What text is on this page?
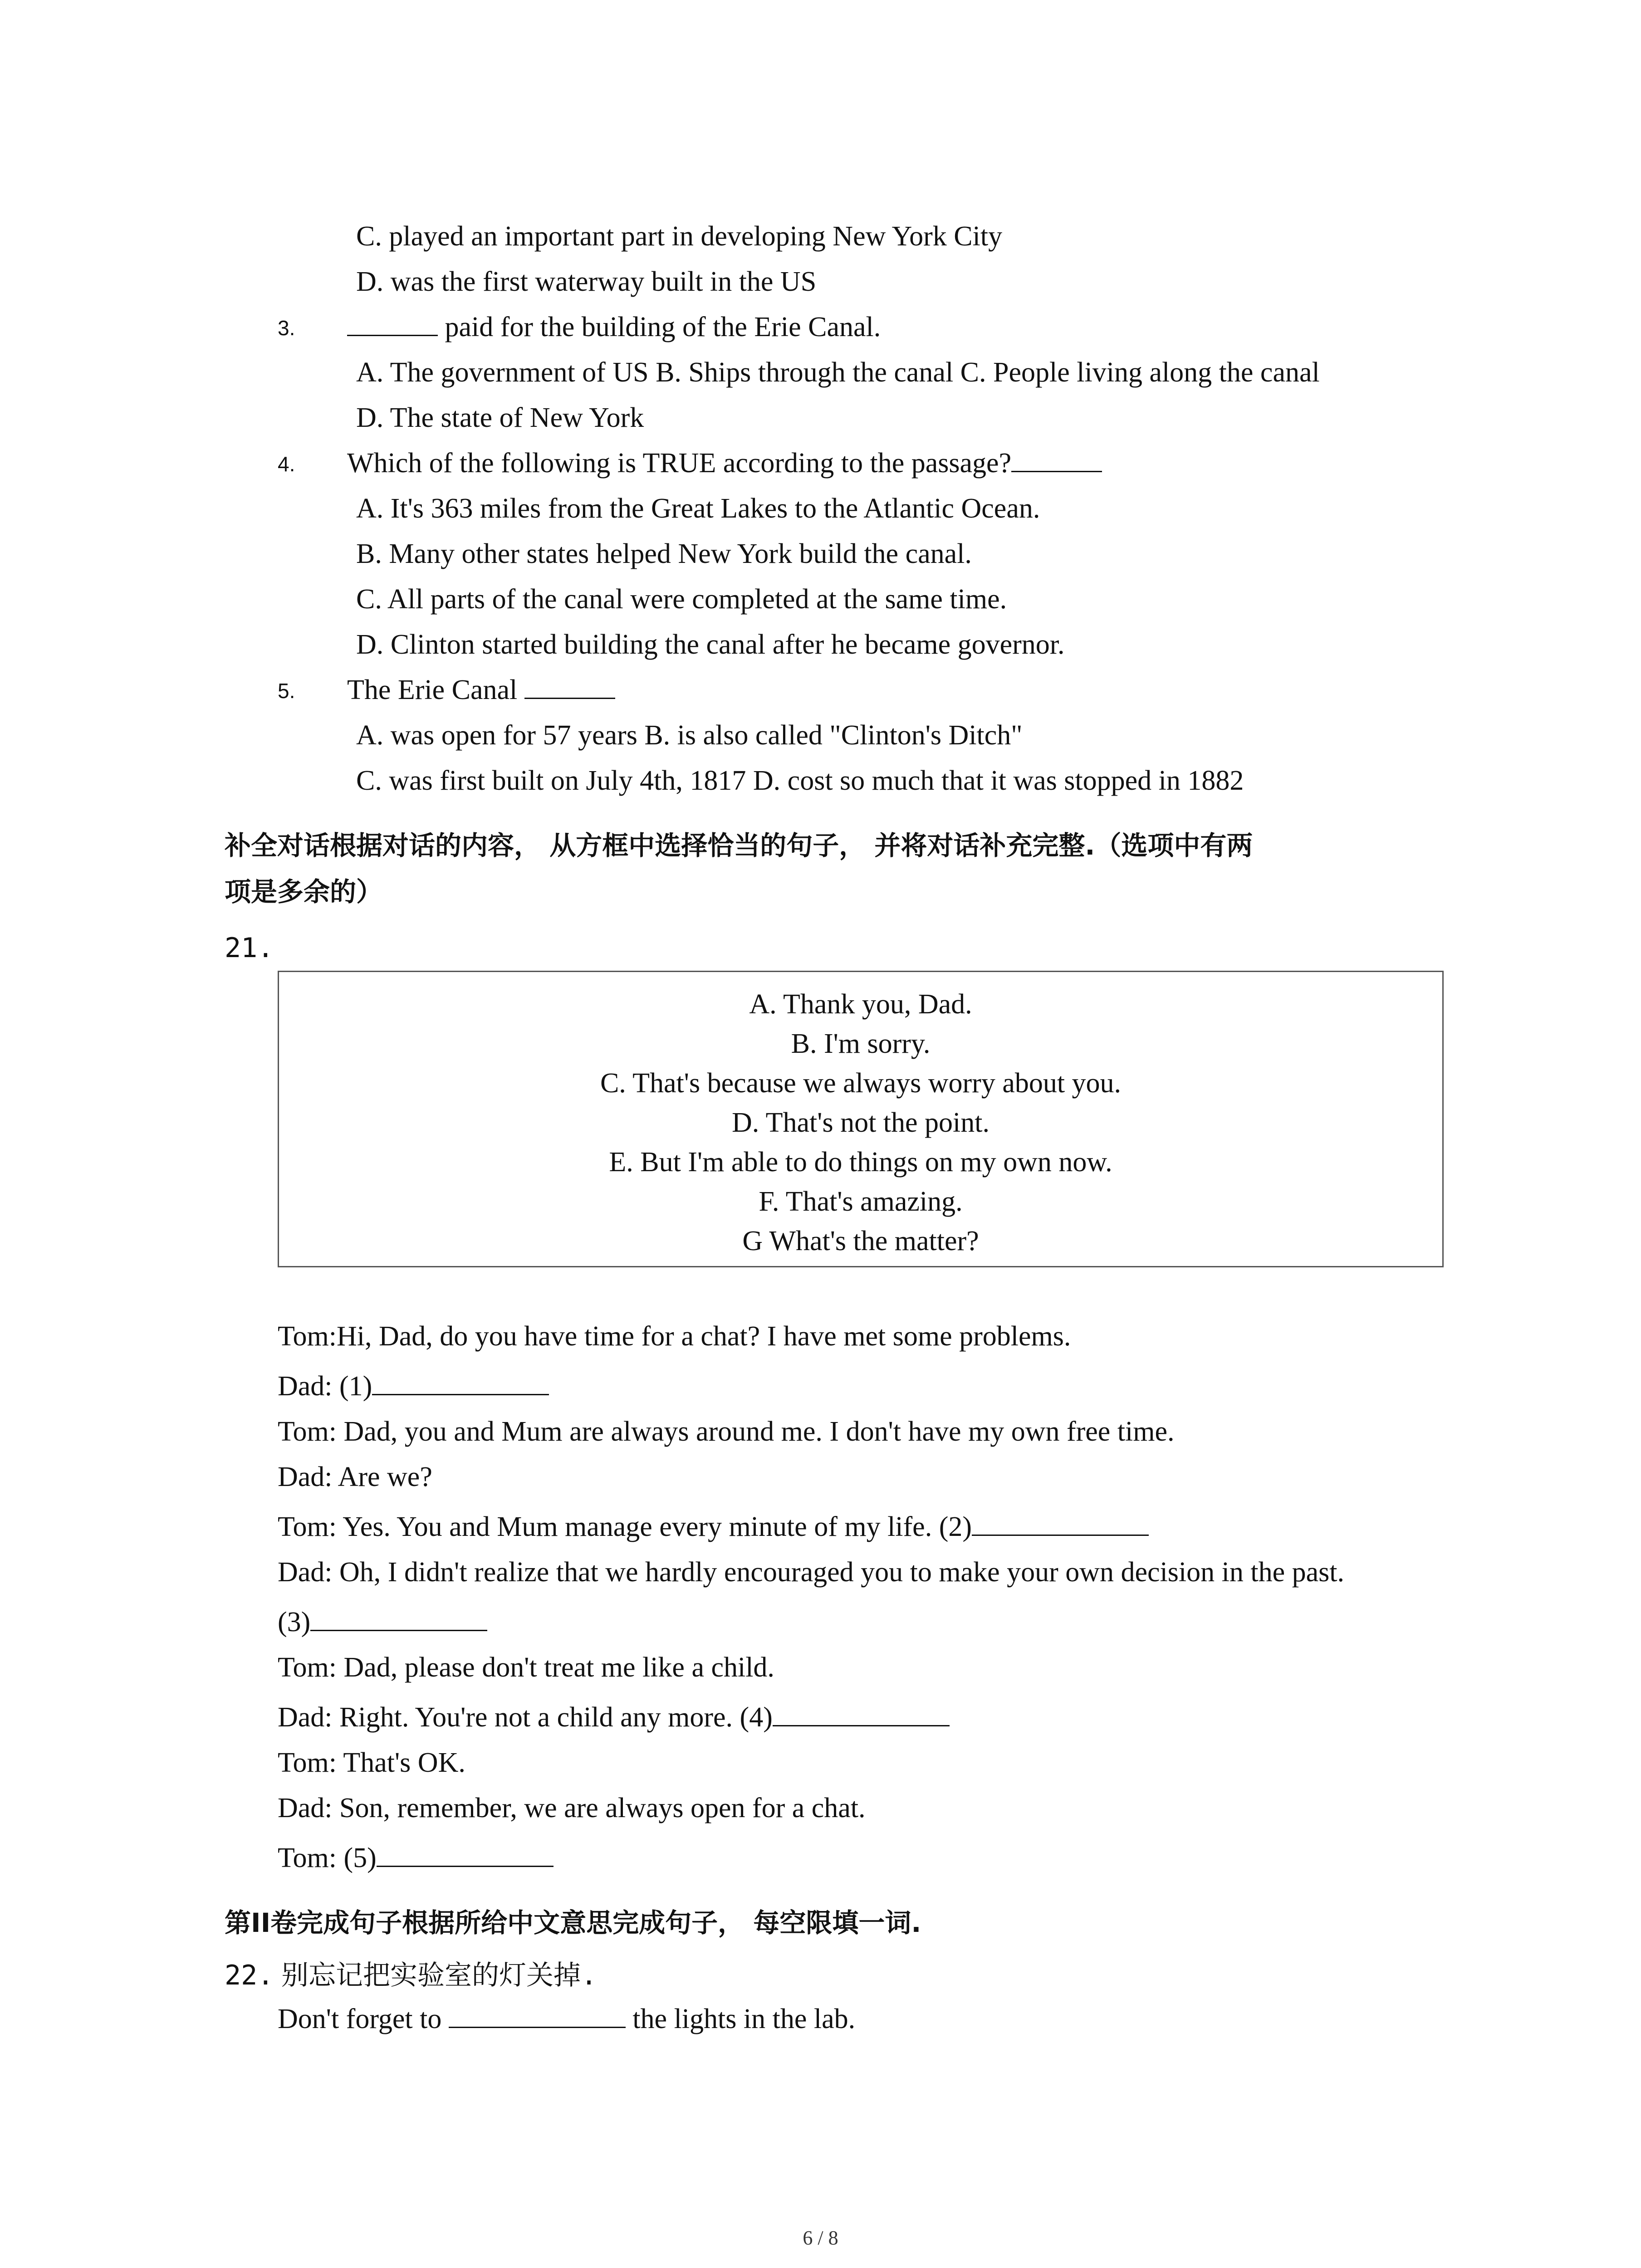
C. played an important part in developing New York City
D. was the first waterway built in the US
3.	paid for the building of the Erie Canal.
A. The government of US B. Ships through the canal C. People living along the canal
D. The state of New York
4. Which of the following is TRUE according to the passage?
A. It's 363 miles from the Great Lakes to the Atlantic Ocean.
B. Many other states helped New York build the canal.
C. All parts of the canal were completed at the same time.
D. Clinton started building the canal after he became governor.
5. The Erie Canal
A. was open for 57 years B. is also called "Clinton's Ditch"
C. was first built on July 4th, 1817 D. cost so much that it was stopped in 1882
补全对话根据对话的内容， 从方框中选择恰当的句子， 并将对话补充完整.（选项中有两
项是多余的）
21.
A. Thank you, Dad.
B. I'm sorry.
C. That's because we always worry about you.
D. That's not the point.
E. But I'm able to do things on my own now.
F. That's amazing.
G What's the matter?
Tom:Hi, Dad, do you have time for a chat? I have met some problems.
Dad: (1)
Tom: Dad, you and Mum are always around me. I don't have my own free time.
Dad: Are we?
Tom: Yes. You and Mum manage every minute of my life. (2)
Dad: Oh, I didn't realize that we hardly encouraged you to make your own decision in the past.
(3)
Tom: Dad, please don't treat me like a child.
Dad: Right. You're not a child any more. (4)
Tom: That's OK.
Dad: Son, remember, we are always open for a chat.
Tom: (5)
第II卷完成句子根据所给中文意思完成句子， 每空限填一词.
22. 别忘记把实验室的灯关掉.
Don't forget to	the lights in the lab.
6 / 8
